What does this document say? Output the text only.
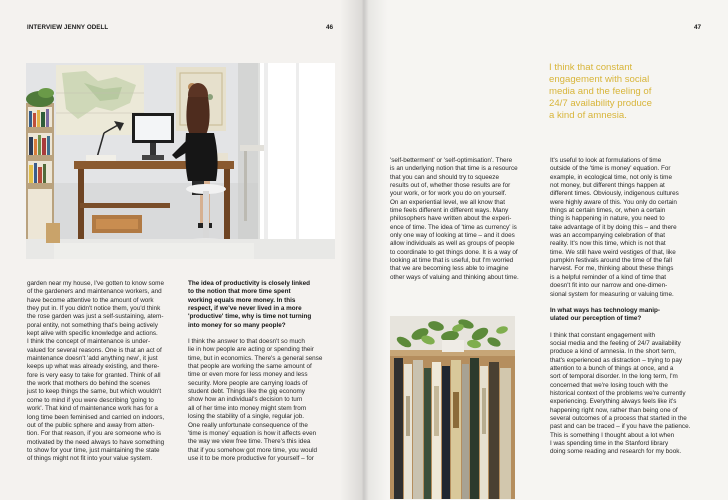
INTERVIEW JENNY ODELL	46

garden near my house, I've gotten to know some

of the gardeners and maintenance workers, and

have become attentive to the amount of work

they put in. If you didn't notice them, you'd think

the rose garden was just a self-sustaining, atem-

poral entity, not something that's being actively

kept alive with specific knowledge and actions.

I think the concept of maintenance is under-

valued for several reasons. One is that an act of

maintenance doesn't 'add anything new', it just

keeps up what was already existing, and there-

fore is very easy to take for granted. Think of all

the work that mothers do behind the scenes

just to keep things the same, but which wouldn't

come to mind if you were describing 'going to

work'. That kind of maintenance work has for a

long time been feminised and carried on indoors,

out of the public sphere and away from atten-

tion. For that reason, if you are someone who is

motivated by the need always to have something

to show for your time, just maintaining the state

of things might not fit into your value system.

The idea of productivity is closely linked

to the notion that more time spent

working equals more money. In this

respect, if we've never lived in a more

'productive' time, why is time not turning

into money for so many people?

I think the answer to that doesn't so much

lie in how people are acting or spending their

time, but in economics. There's a general sense

that people are working the same amount of

time or even more for less money and less

security. More people are carrying loads of

student debt. Things like the gig economy

show how an individual's decision to turn

all of her time into money might stem from

losing the stability of a single, regular job.

One really unfortunate consequence of the

'time is money' equation is how it affects even

the way we view free time. There's this idea

that if you somehow got more time, you would

use it to be more productive for yourself – for

47

'self-betterment' or 'self-optimisation'. There

is an underlying notion that time is a resource

that you can and should try to squeeze

results out of, whether those results are for

your work, or for work you do on yourself.

On an experiential level, we all know that

time feels different in different ways. Many

philosophers have written about the experi-

ence of time. The idea of 'time as currency' is

only one way of looking at time – and it does

allow individuals as well as groups of people

to coordinate to get things done. It is a way of

looking at time that is useful, but I'm worried

that we are becoming less able to imagine

other ways of valuing and thinking about time.

It's useful to look at formulations of time

outside of the 'time is money' equation. For

example, in ecological time, not only is time

not money, but different things happen at

different times. Obviously, indigenous cultures

were highly aware of this. You only do certain

things at certain times, or, when a certain

thing is happening in nature, you need to

take advantage of it by doing this – and there

was an accompanying celebration of that

reality. It's now this time, which is not that

time. We still have weird vestiges of that, like

pumpkin festivals around the time of the fall

harvest. For me, thinking about these things

is a helpful reminder of a kind of time that

doesn't fit into our narrow and one-dimen-

sional system for measuring or valuing time.

In what ways has technology manip-

ulated our perception of time?

I think that constant engagement with

social media and the feeling of 24/7 availability

produce a kind of amnesia. In the short term,

that's experienced as distraction – trying to pay

attention to a bunch of things at once, and a

sort of temporal disorder. In the long term, I'm

concerned that we're losing touch with the

historical context of the problems we're currently

experiencing. Everything always feels like it's

happening right now, rather than being one of

several outcomes of a process that started in the

past and can be traced – if you have the patience.

This is something I thought about a lot when

I was spending time in the Stanford library

doing some reading and research for my book.

I think that constant

engagement with social

media and the feeling of

24/7 availability produce

a kind of amnesia.
